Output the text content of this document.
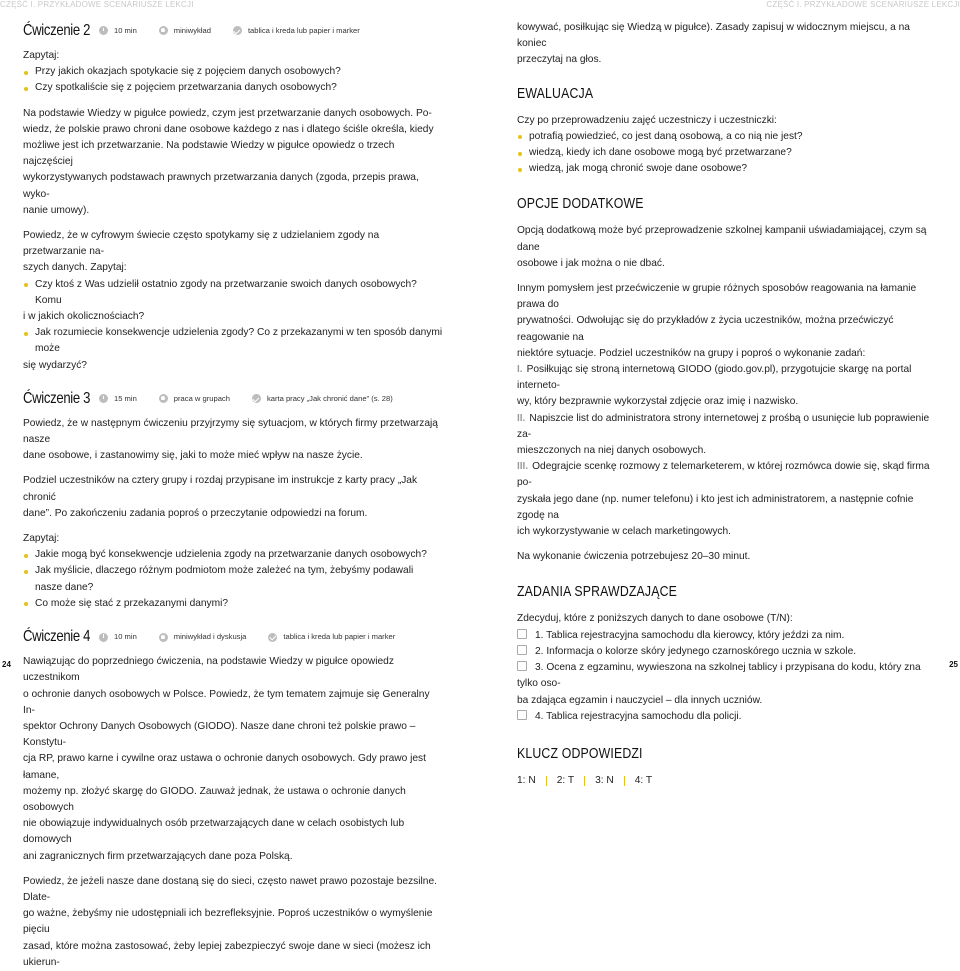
CZĘŚĆ I. PRZYKŁADOWE SCENARIUSZE LEKCJI	CZĘŚĆ I. PRZYKŁADOWE SCENARIUSZE LEKCJI
Ćwiczenie 2	10 min	miniwykład	tablica i kreda lub papier i marker

Zapytaj:

Przy jakich okazjach spotykacie się z pojęciem danych osobowych?

Czy spotkaliście się z pojęciem przetwarzania danych osobowych?

Na podstawie Wiedzy w pigułce powiedz, czym jest przetwarzanie danych osobowych. Po-
wiedz, że polskie prawo chroni dane osobowe każdego z nas i dlatego ściśle określa, kiedy
możliwe jest ich przetwarzanie. Na podstawie Wiedzy w pigułce opowiedz o trzech najczęściej
wykorzystywanych podstawach prawnych przetwarzania danych (zgoda, przepis prawa, wyko-
nanie umowy).

Powiedz, że w cyfrowym świecie często spotykamy się z udzielaniem zgody na przetwarzanie na-
szych danych. Zapytaj:

Czy ktoś z Was udzielił ostatnio zgody na przetwarzanie swoich danych osobowych? Komu

i w jakich okolicznościach?

Jak rozumiecie konsekwencje udzielenia zgody? Co z przekazanymi w ten sposób danymi może

się wydarzyć?

Ćwiczenie 3	15 min	praca w grupach	karta pracy „Jak chronić dane” (s. 28)

Powiedz, że w następnym ćwiczeniu przyjrzymy się sytuacjom, w których firmy przetwarzają nasze
dane osobowe, i zastanowimy się, jaki to może mieć wpływ na nasze życie.

Podziel uczestników na cztery grupy i rozdaj przypisane im instrukcje z karty pracy „Jak chronić
dane”. Po zakończeniu zadania poproś o przeczytanie odpowiedzi na forum.

Zapytaj:

Jakie mogą być konsekwencje udzielenia zgody na przetwarzanie danych osobowych?

Jak myślicie, dlaczego różnym podmiotom może zależeć na tym, żebyśmy podawali nasze dane?

Co może się stać z przekazanymi danymi?

Ćwiczenie 4	10 min	miniwykład i dyskusja	tablica i kreda lub papier i marker

Nawiązując do poprzedniego ćwiczenia, na podstawie Wiedzy w pigułce opowiedz uczestnikom
o ochronie danych osobowych w Polsce. Powiedz, że tym tematem zajmuje się Generalny In-
spektor Ochrony Danych Osobowych (GIODO). Nasze dane chroni też polskie prawo – Konstytu-
cja RP, prawo karne i cywilne oraz ustawa o ochronie danych osobowych. Gdy prawo jest łamane,
możemy np. złożyć skargę do GIODO. Zauważ jednak, że ustawa o ochronie danych osobowych
nie obowiązuje indywidualnych osób przetwarzających dane w celach osobistych lub domowych
ani zagranicznych firm przetwarzających dane poza Polską.

Powiedz, że jeżeli nasze dane dostaną się do sieci, często nawet prawo pozostaje bezsilne. Dlate-
go ważne, żebyśmy nie udostępniali ich bezrefleksyjnie. Poproś uczestników o wymyślenie pięciu
zasad, które można zastosować, żeby lepiej zabezpieczyć swoje dane w sieci (możesz ich ukierun-

kowywać, posiłkując się Wiedzą w pigułce). Zasady zapisuj w widocznym miejscu, a na koniec
przeczytaj na głos.

EWALUACJA

Czy po przeprowadzeniu zajęć uczestniczy i uczestniczki:

potrafią powiedzieć, co jest daną osobową, a co nią nie jest?

wiedzą, kiedy ich dane osobowe mogą być przetwarzane?

wiedzą, jak mogą chronić swoje dane osobowe?

OPCJE DODATKOWE

Opcją dodatkową może być przeprowadzenie szkolnej kampanii uświadamiającej, czym są dane
osobowe i jak można o nie dbać.

Innym pomysłem jest przećwiczenie w grupie różnych sposobów reagowania na łamanie prawa do
prywatności. Odwołując się do przykładów z życia uczestników, można przećwiczyć reagowanie na
niektóre sytuacje. Podziel uczestników na grupy i poproś o wykonanie zadań:

I. Posiłkując się stroną internetową GIODO (giodo.gov.pl), przygotujcie skargę na portal interneto-

wy, który bezprawnie wykorzystał zdjęcie oraz imię i nazwisko.

II. Napiszcie list do administratora strony internetowej z prośbą o usunięcie lub poprawienie za-

mieszczonych na niej danych osobowych.

III. Odegrajcie scenkę rozmowy z telemarketerem, w której rozmówca dowie się, skąd firma po-

zyskała jego dane (np. numer telefonu) i kto jest ich administratorem, a następnie cofnie zgodę na

ich wykorzystywanie w celach marketingowych.

Na wykonanie ćwiczenia potrzebujesz 20–30 minut.

ZADANIA SPRAWDZAJĄCE

Zdecyduj, które z poniższych danych to dane osobowe (T/N):

1. Tablica rejestracyjna samochodu dla kierowcy, który jeździ za nim.

2. Informacja o kolorze skóry jedynego czarnoskórego ucznia w szkole.

3. Ocena z egzaminu, wywieszona na szkolnej tablicy i przypisana do kodu, który zna tylko oso-

ba zdająca egzamin i nauczyciel – dla innych uczniów.

4. Tablica rejestracyjna samochodu dla policji.

KLUCZ ODPOWIEDZI
1: N 2: T 3: N 4: T
24	25
